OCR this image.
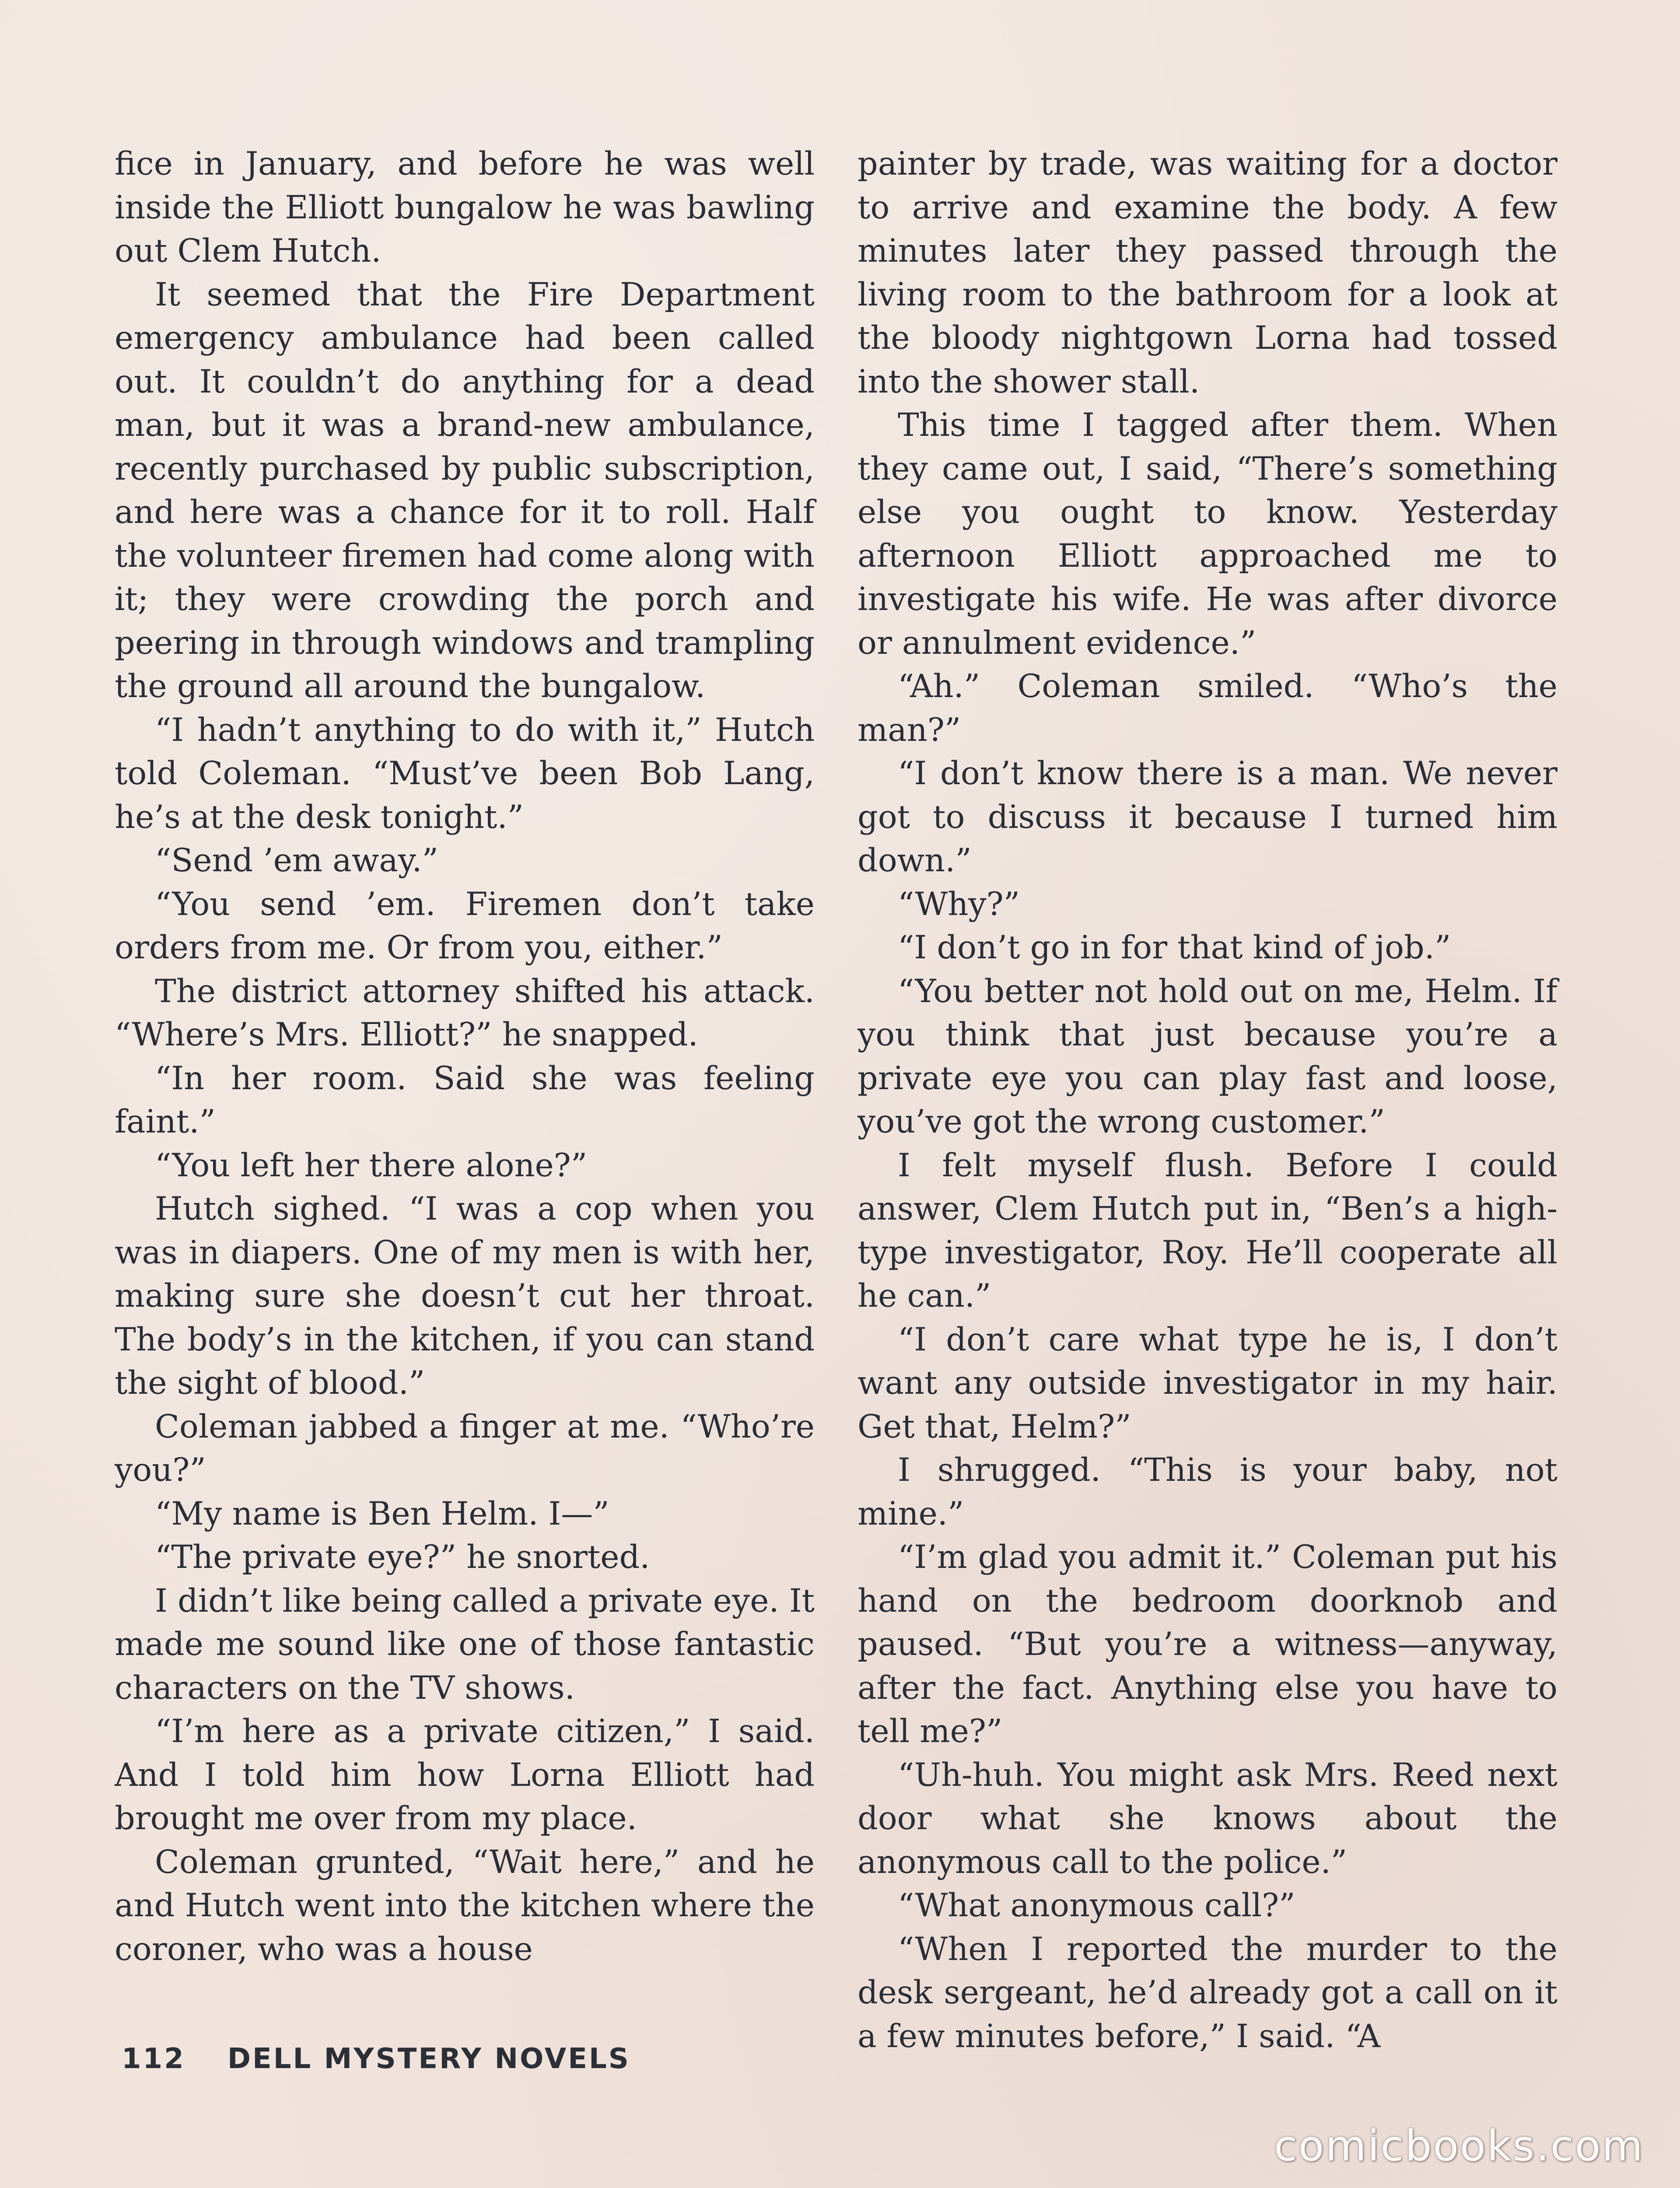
fice in January, and before he was well inside the Elliott bungalow he was bawling out Clem Hutch.

It seemed that the Fire Department emergency ambulance had been called out. It couldn’t do anything for a dead man, but it was a brand-new ambulance, recently purchased by public subscription, and here was a chance for it to roll. Half the volunteer firemen had come along with it; they were crowding the porch and peering in through windows and trampling the ground all around the bungalow.

“I hadn’t anything to do with it,” Hutch told Coleman. “Must’ve been Bob Lang, he’s at the desk tonight.”

“Send ’em away.”

“You send ’em. Firemen don’t take orders from me. Or from you, either.”

The district attorney shifted his attack. “Where’s Mrs. Elliott?” he snapped.

“In her room. Said she was feeling faint.”

“You left her there alone?”

Hutch sighed. “I was a cop when you was in diapers. One of my men is with her, making sure she doesn’t cut her throat. The body’s in the kitchen, if you can stand the sight of blood.”

Coleman jabbed a finger at me. “Who’re you?”

“My name is Ben Helm. I—”

“The private eye?” he snorted.

I didn’t like being called a private eye. It made me sound like one of those fantastic characters on the TV shows.

“I’m here as a private citizen,” I said. And I told him how Lorna Elliott had brought me over from my place.

Coleman grunted, “Wait here,” and he and Hutch went into the kitchen where the coroner, who was a house

painter by trade, was waiting for a doctor to arrive and examine the body. A few minutes later they passed through the living room to the bathroom for a look at the bloody nightgown Lorna had tossed into the shower stall.

This time I tagged after them. When they came out, I said, “There’s something else you ought to know. Yesterday afternoon Elliott approached me to investigate his wife. He was after divorce or annulment evidence.”

“Ah.” Coleman smiled. “Who’s the man?”

“I don’t know there is a man. We never got to discuss it because I turned him down.”

“Why?”

“I don’t go in for that kind of job.”

“You better not hold out on me, Helm. If you think that just because you’re a private eye you can play fast and loose, you’ve got the wrong customer.”

I felt myself flush. Before I could answer, Clem Hutch put in, “Ben’s a high-type investigator, Roy. He’ll cooperate all he can.”

“I don’t care what type he is, I don’t want any outside investigator in my hair. Get that, Helm?”

I shrugged. “This is your baby, not mine.”

“I’m glad you admit it.” Coleman put his hand on the bedroom doorknob and paused. “But you’re a witness—anyway, after the fact. Anything else you have to tell me?”

“Uh-huh. You might ask Mrs. Reed next door what she knows about the anonymous call to the police.”

“What anonymous call?”

“When I reported the murder to the desk sergeant, he’d already got a call on it a few minutes before,” I said. “A

112 DELL MYSTERY NOVELS
comicbooks.com
